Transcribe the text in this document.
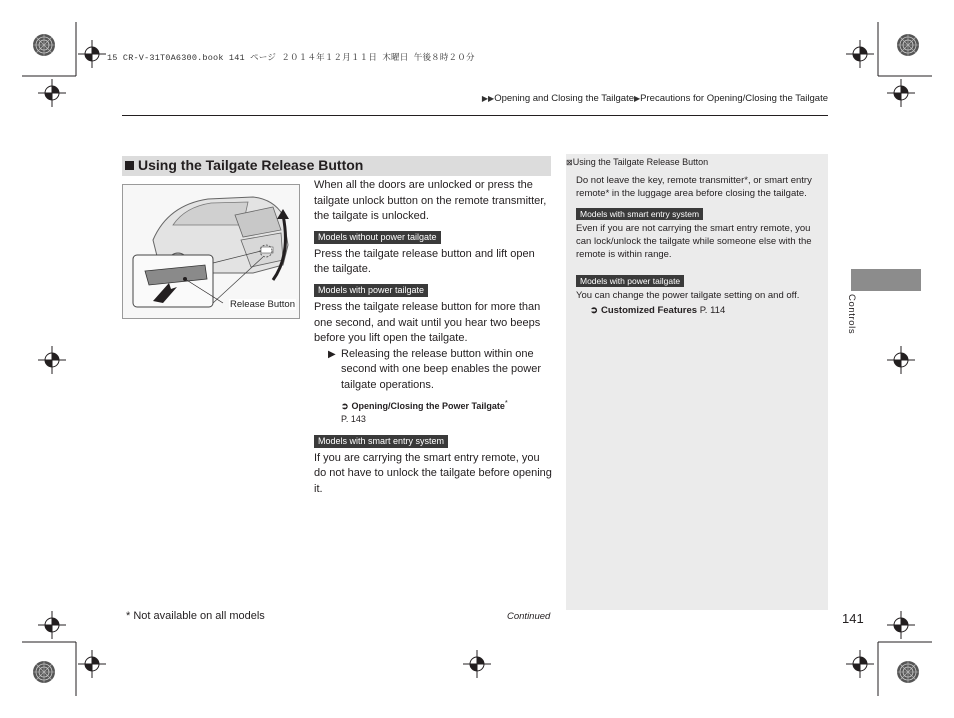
15 CR-V-31T0A6300.book 141 ページ ２０１４年１２月１１日 木曜日 午後８時２０分
▶▶Opening and Closing the Tailgate▶Precautions for Opening/Closing the Tailgate
Using the Tailgate Release Button
Release Button

When all the doors are unlocked or press the tailgate unlock button on the remote transmitter, the tailgate is unlocked.

Models without power tailgate

Press the tailgate release button and lift open the tailgate.

Models with power tailgate

Press the tailgate release button for more than one second, and wait until you hear two beeps before you lift open the tailgate.

▶ Releasing the release button within one second with one beep enables the power tailgate operations.

➲ Opening/Closing the Power Tailgate*
P. 143
Models with smart entry system

If you are carrying the smart entry remote, you do not have to unlock the tailgate before opening it.

⊠Using the Tailgate Release Button

Do not leave the key, remote transmitter*, or smart entry remote* in the luggage area before closing the tailgate.

Models with smart entry system

Even if you are not carrying the smart entry remote, you can lock/unlock the tailgate while someone else with the remote is within range.

Models with power tailgate

You can change the power tailgate setting on and off.

➲ Customized Features P. 114	Controls
* Not available on all models	Continued	141
